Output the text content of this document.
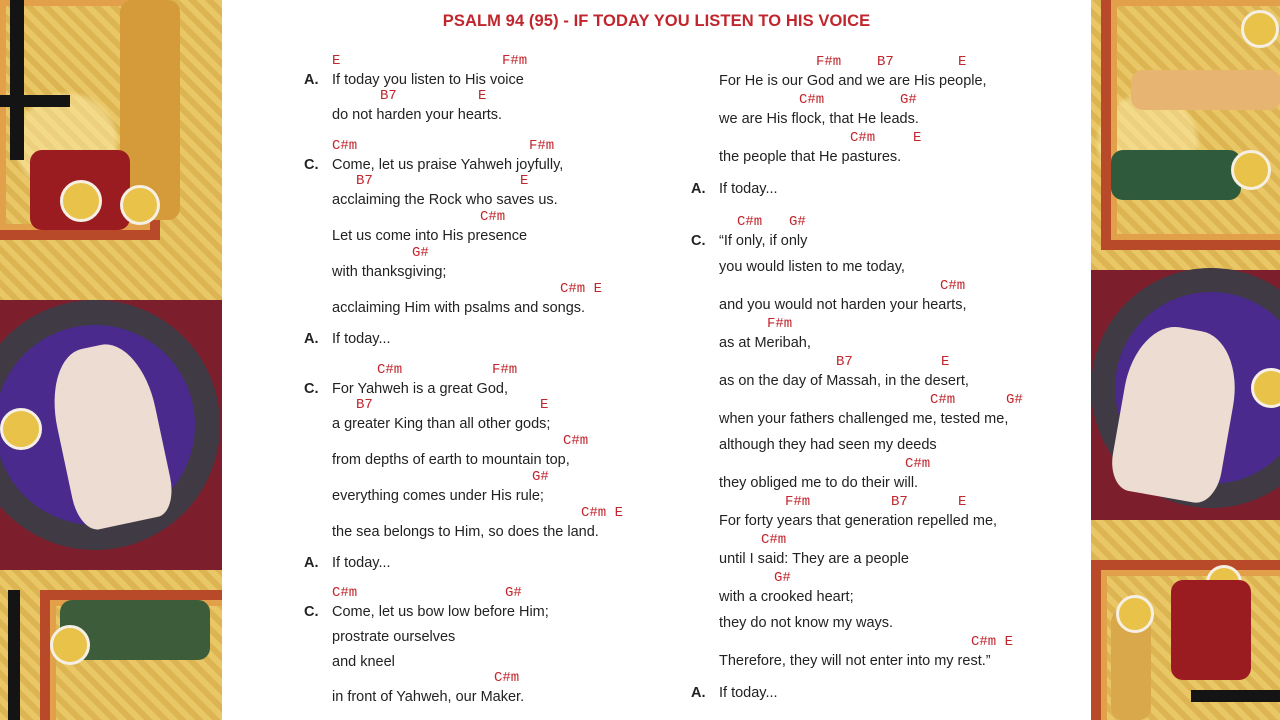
PSALM 94 (95) - IF TODAY YOU LISTEN TO HIS VOICE
A.
E	F#m
If today you listen to His voice
B7	E
do not harden your hearts.
C.
C#m	F#m
Come, let us praise Yahweh joyfully,
B7	E
acclaiming the Rock who saves us.
C#m
Let us come into His presence
G#
with thanksgiving;
C#m E
acclaiming Him with psalms and songs.
A. If today...
C.
C#m	F#m
For Yahweh is a great God,
B7	E
a greater King than all other gods;
C#m
from depths of earth to mountain top,
G#
everything comes under His rule;
C#m E
the sea belongs to Him, so does the land.
A. If today...
C.
C#m	G#
Come, let us bow low before Him;
prostrate ourselves
and kneel
C#m
in front of Yahweh, our Maker.
F#m	B7	E
For He is our God and we are His people,
C#m	G#
we are His flock, that He leads.
C#m	E
the people that He pastures.
A. If today...
C.
C#m G#
“If only, if only
you would listen to me today,
C#m
and you would not harden your hearts,
F#m
as at Meribah,
B7	E
as on the day of Massah, in the desert,
C#m	G#
when your fathers challenged me, tested me,
although they had seen my deeds
C#m
they obliged me to do their will.
F#m	B7	E
For forty years that generation repelled me,
C#m
until I said: They are a people
G#
with a crooked heart;
they do not know my ways.
C#m E
Therefore, they will not enter into my rest.”
A. If today...
